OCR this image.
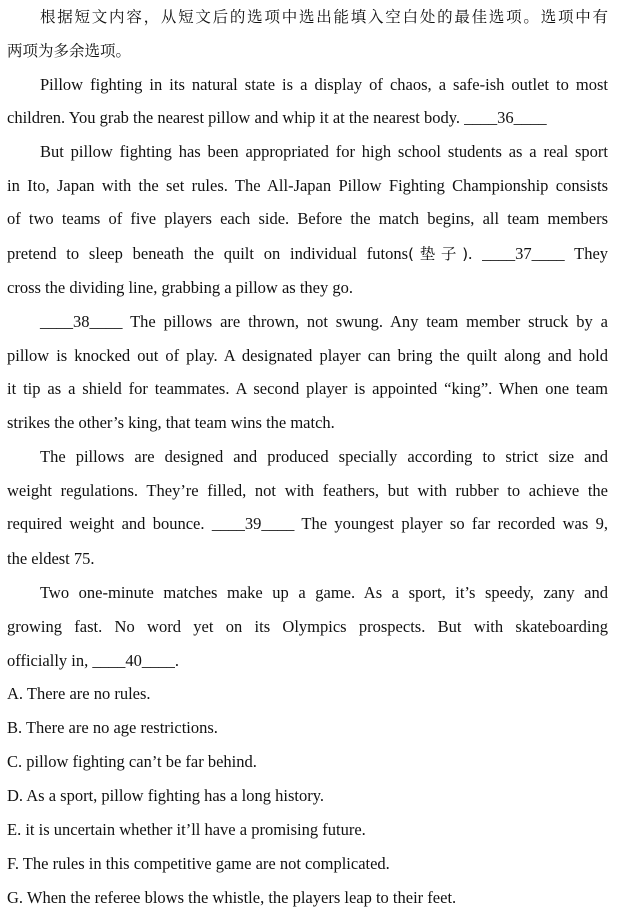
根据短文内容，从短文后的选项中选出能填入空白处的最佳选项。选项中有
两项为多余选项。
Pillow fighting in its natural state is a display of chaos, a safe-ish outlet to most
children. You grab the nearest pillow and whip it at the nearest body. ____36____
But pillow fighting has been appropriated for high school students as a real sport
in Ito, Japan with the set rules. The All-Japan Pillow Fighting Championship consists
of two teams of five players each side. Before the match begins, all team members
pretend to sleep beneath the quilt on individual futons(垫子). ____37____ They
cross the dividing line, grabbing a pillow as they go.
____38____ The pillows are thrown, not swung. Any team member struck by a
pillow is knocked out of play. A designated player can bring the quilt along and hold
it tip as a shield for teammates. A second player is appointed “king”. When one team
strikes the other’s king, that team wins the match.
The pillows are designed and produced specially according to strict size and
weight regulations. They’re filled, not with feathers, but with rubber to achieve the
required weight and bounce. ____39____ The youngest player so far recorded was 9,
the eldest 75.
Two one-minute matches make up a game. As a sport, it’s speedy, zany and
growing fast. No word yet on its Olympics prospects. But with skateboarding
officially in, ____40____.
A. There are no rules.
B. There are no age restrictions.
C. pillow fighting can’t be far behind.
D. As a sport, pillow fighting has a long history.
E. it is uncertain whether it’ll have a promising future.
F. The rules in this competitive game are not complicated.
G. When the referee blows the whistle, the players leap to their feet.
